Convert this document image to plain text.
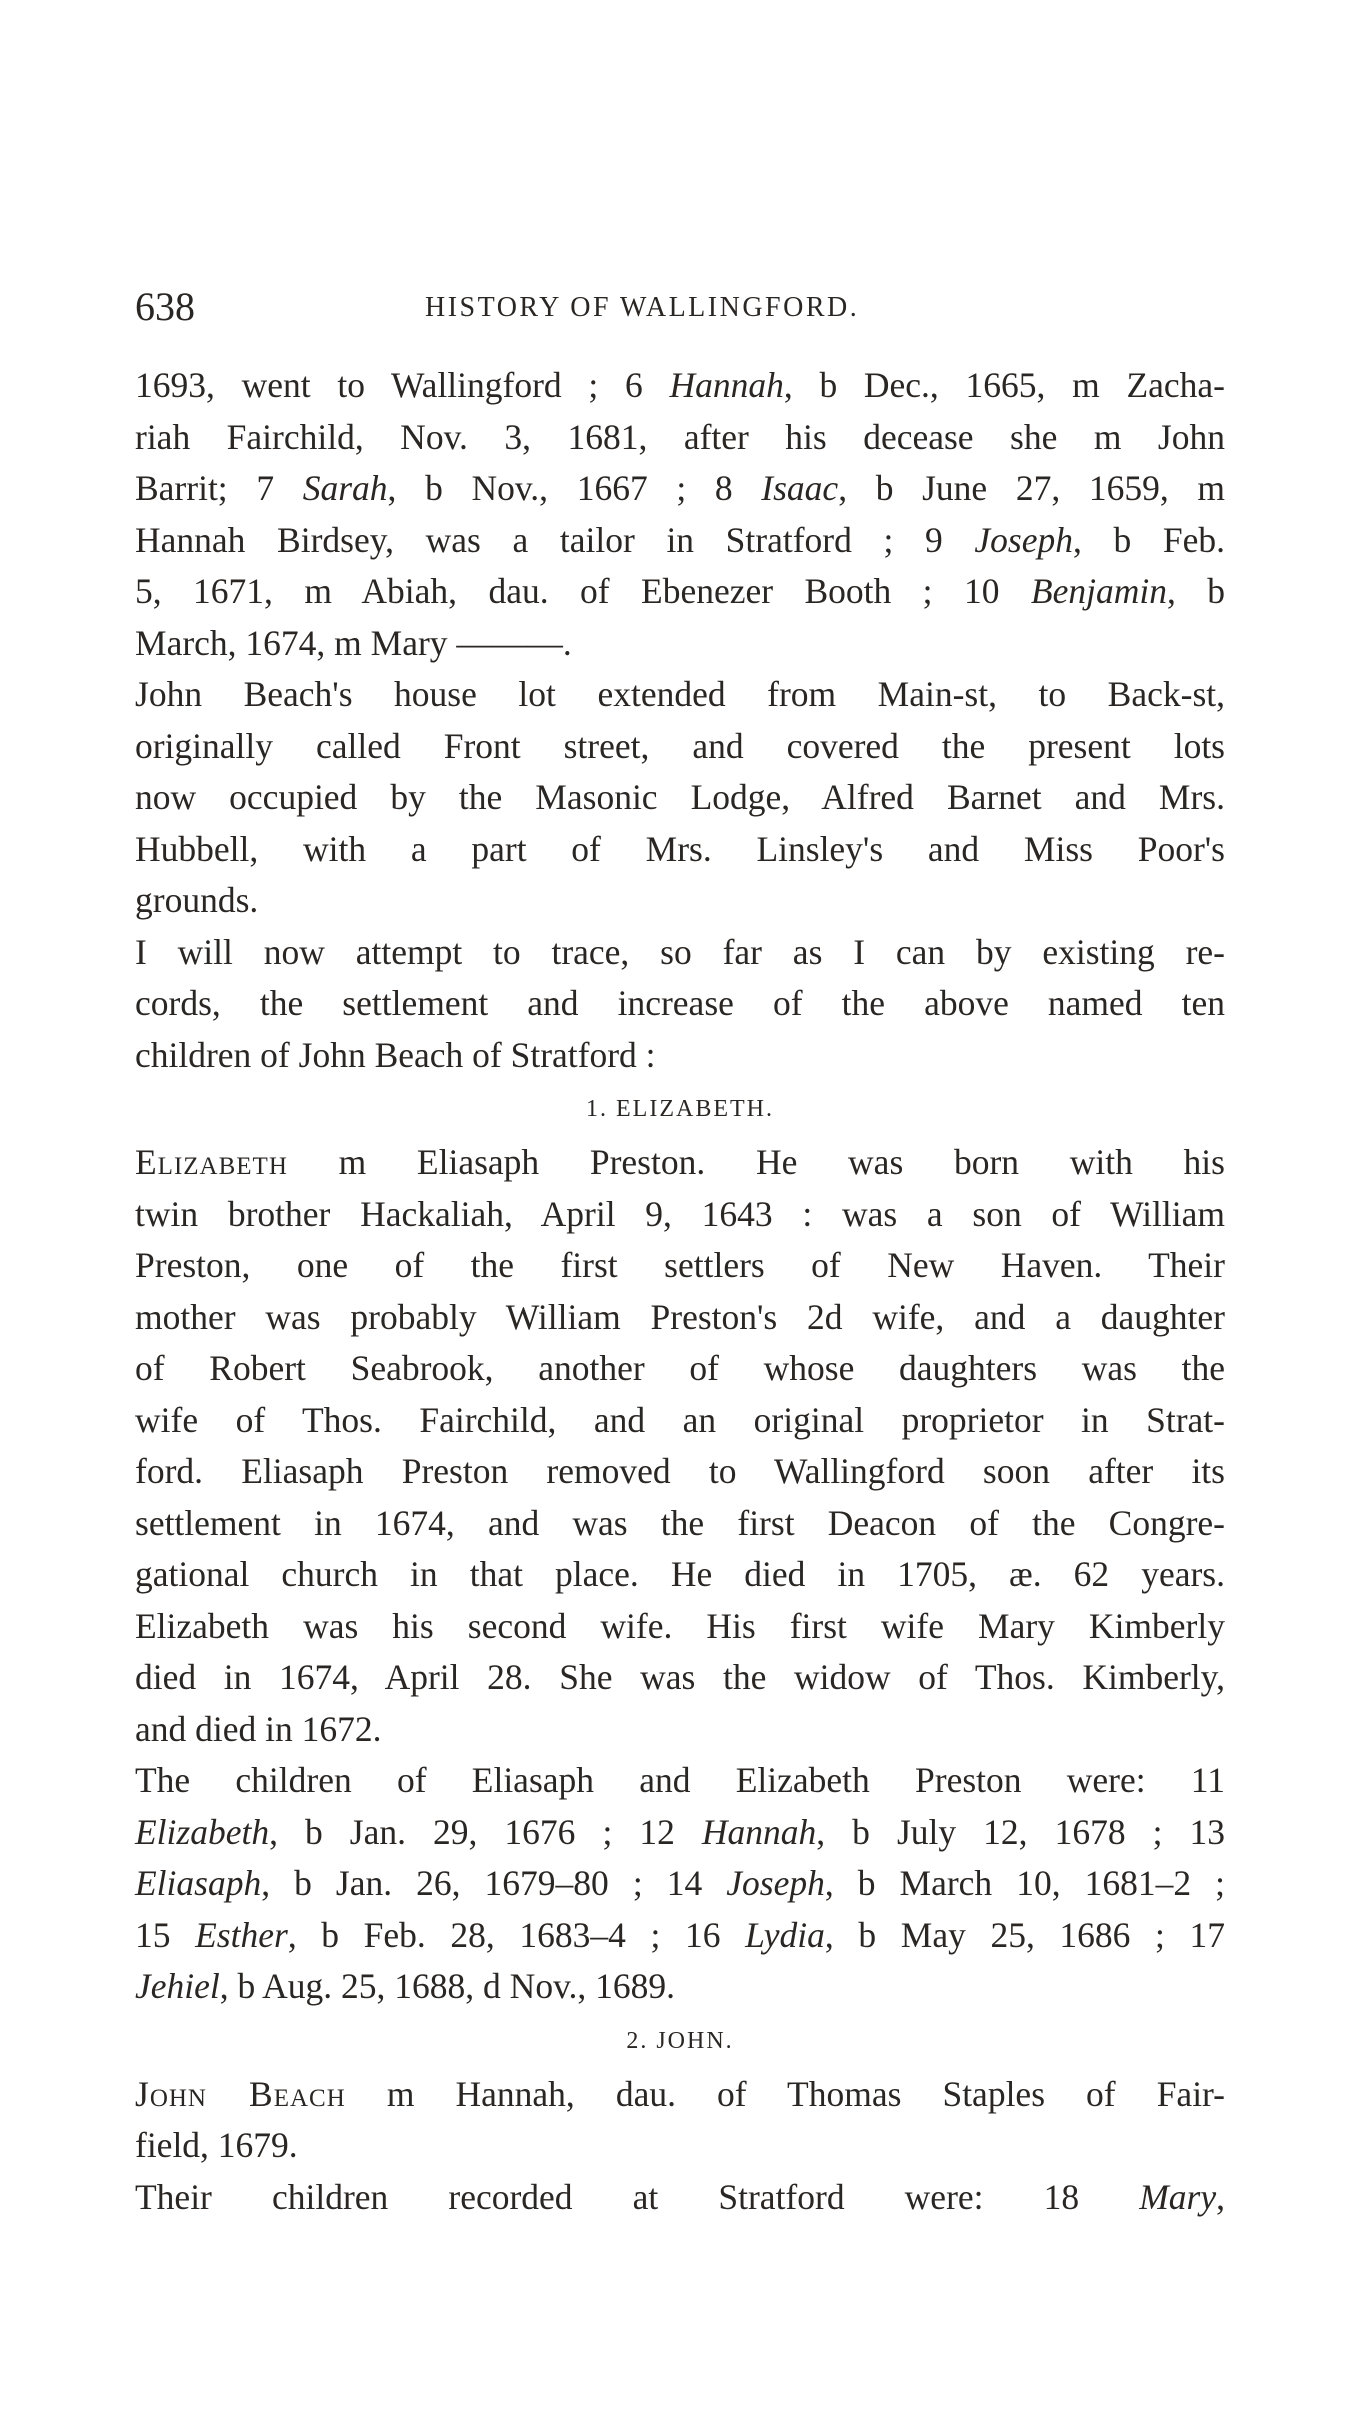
638	HISTORY OF WALLINGFORD.
1693, went to Wallingford ; 6 Hannah, b Dec., 1665, m Zacha-
riah Fairchild, Nov. 3, 1681, after his decease she m John
Barrit; 7 Sarah, b Nov., 1667 ; 8 Isaac, b June 27, 1659, m
Hannah Birdsey, was a tailor in Stratford ; 9 Joseph, b Feb.
5, 1671, m Abiah, dau. of Ebenezer Booth ; 10 Benjamin, b
March, 1674, m Mary ———.
John Beach's house lot extended from Main-st, to Back-st,
originally called Front street, and covered the present lots
now occupied by the Masonic Lodge, Alfred Barnet and Mrs.
Hubbell, with a part of Mrs. Linsley's and Miss Poor's
grounds.
I will now attempt to trace, so far as I can by existing re-
cords, the settlement and increase of the above named ten
children of John Beach of Stratford :
1. ELIZABETH.
Elizabeth m Eliasaph Preston. He was born with his
twin brother Hackaliah, April 9, 1643 : was a son of William
Preston, one of the first settlers of New Haven. Their
mother was probably William Preston's 2d wife, and a daughter
of Robert Seabrook, another of whose daughters was the
wife of Thos. Fairchild, and an original proprietor in Strat-
ford. Eliasaph Preston removed to Wallingford soon after its
settlement in 1674, and was the first Deacon of the Congre-
gational church in that place. He died in 1705, æ. 62 years.
Elizabeth was his second wife. His first wife Mary Kimberly
died in 1674, April 28. She was the widow of Thos. Kimberly,
and died in 1672.
The children of Eliasaph and Elizabeth Preston were: 11
Elizabeth, b Jan. 29, 1676 ; 12 Hannah, b July 12, 1678 ; 13
Eliasaph, b Jan. 26, 1679–80 ; 14 Joseph, b March 10, 1681–2 ;
15 Esther, b Feb. 28, 1683–4 ; 16 Lydia, b May 25, 1686 ; 17
Jehiel, b Aug. 25, 1688, d Nov., 1689.
2. JOHN.
John Beach m Hannah, dau. of Thomas Staples of Fair-
field, 1679.
Their children recorded at Stratford were: 18 Mary,
